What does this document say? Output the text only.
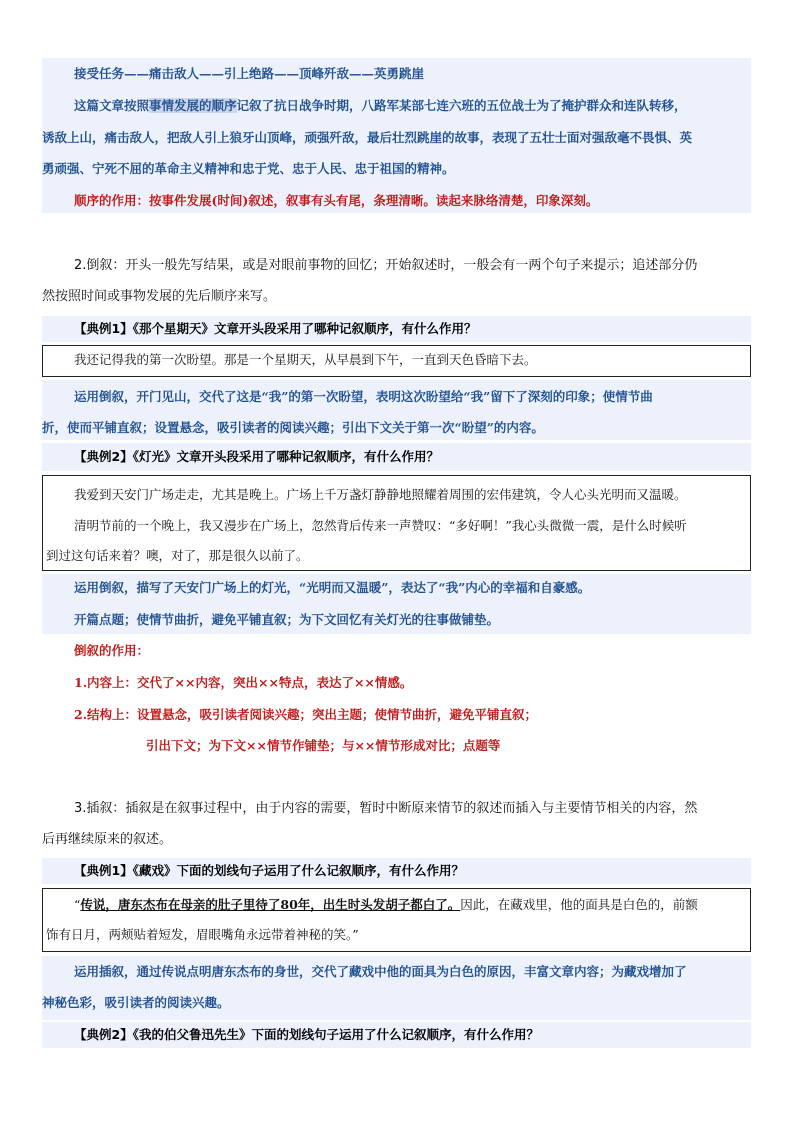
接受任务——痛击敌人——引上绝路——顶峰歼敌——英勇跳崖
这篇文章按照事情发展的顺序记叙了抗日战争时期，八路军某部七连六班的五位战士为了掩护群众和连队转移，
诱敌上山，痛击敌人，把敌人引上狼牙山顶峰，顽强歼敌，最后壮烈跳崖的故事，表现了五壮士面对强敌毫不畏惧、英
勇顽强、宁死不屈的革命主义精神和忠于党、忠于人民、忠于祖国的精神。
顺序的作用：按事件发展(时间)叙述，叙事有头有尾，条理清晰。读起来脉络清楚，印象深刻。
2.倒叙：开头一般先写结果，或是对眼前事物的回忆；开始叙述时，一般会有一两个句子来提示；追述部分仍
然按照时间或事物发展的先后顺序来写。
【典例1】《那个星期天》文章开头段采用了哪种记叙顺序，有什么作用？
我还记得我的第一次盼望。那是一个星期天，从早晨到下午，一直到天色昏暗下去。
运用倒叙，开门见山，交代了这是“我”的第一次盼望，表明这次盼望给“我”留下了深刻的印象；使情节曲
折，使而平铺直叙；设置悬念，吸引读者的阅读兴趣；引出下文关于第一次“盼望”的内容。
【典例2】《灯光》文章开头段采用了哪种记叙顺序，有什么作用？
我爱到天安门广场走走，尤其是晚上。广场上千万盏灯静静地照耀着周围的宏伟建筑，令人心头光明而又温暖。
清明节前的一个晚上，我又漫步在广场上，忽然背后传来一声赞叹：“多好啊！”我心头微微一震，是什么时候听
到过这句话来着？噢，对了，那是很久以前了。
运用倒叙，描写了天安门广场上的灯光，“光明而又温暖”，表达了“我”内心的幸福和自豪感。
开篇点题；使情节曲折，避免平铺直叙；为下文回忆有关灯光的往事做铺垫。
倒叙的作用：
1.内容上：交代了××内容，突出××特点，表达了××情感。
2.结构上：设置悬念，吸引读者阅读兴趣；突出主题；使情节曲折，避免平铺直叙；
引出下文；为下文××情节作铺垫；与××情节形成对比；点题等
3.插叙：插叙是在叙事过程中，由于内容的需要，暂时中断原来情节的叙述而插入与主要情节相关的内容，然
后再继续原来的叙述。
【典例1】《藏戏》下面的划线句子运用了什么记叙顺序，有什么作用？
“传说，唐东杰布在母亲的肚子里待了80年，出生时头发胡子都白了。因此，在藏戏里，他的面具是白色的，前额
饰有日月，两颊贴着短发，眉眼嘴角永远带着神秘的笑。”
运用插叙，通过传说点明唐东杰布的身世，交代了藏戏中他的面具为白色的原因，丰富文章内容；为藏戏增加了
神秘色彩，吸引读者的阅读兴趣。
【典例2】《我的伯父鲁迅先生》下面的划线句子运用了什么记叙顺序，有什么作用？
